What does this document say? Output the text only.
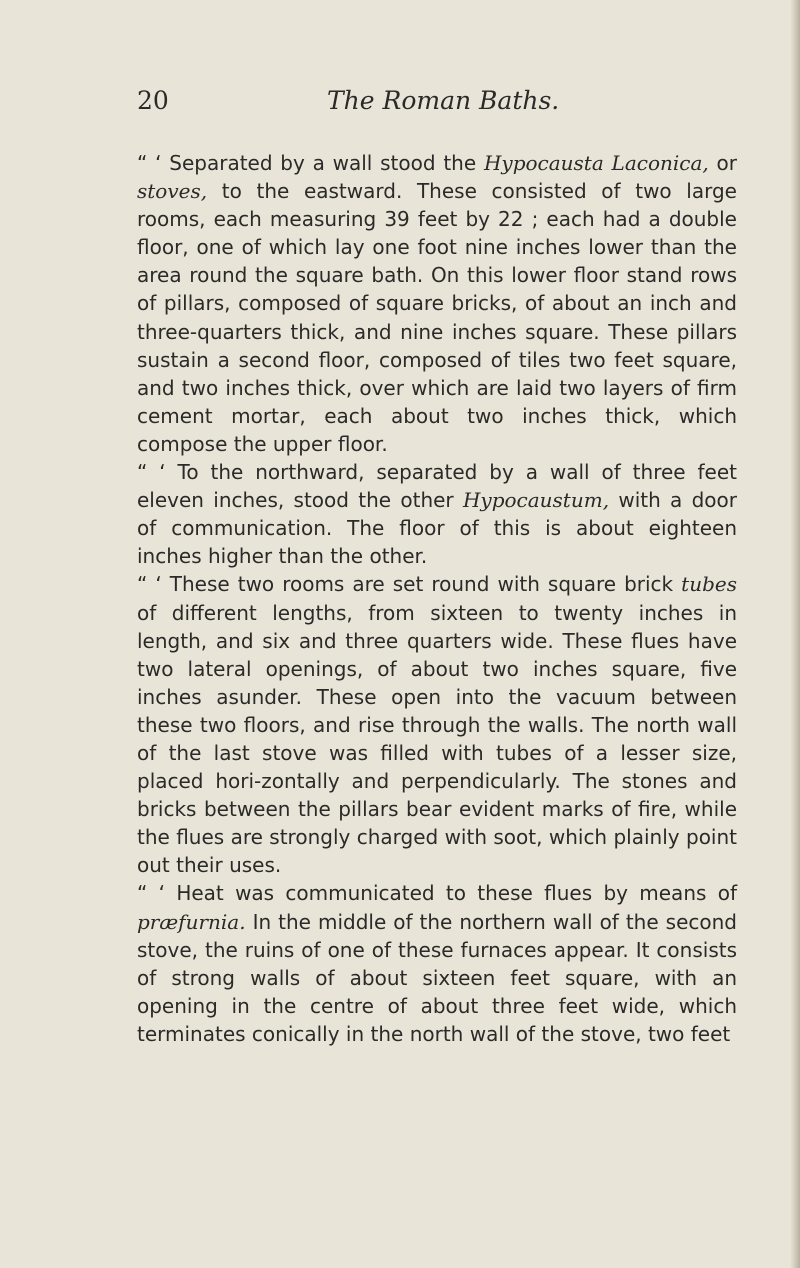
20	The Roman Baths.

“ ‘ Separated by a wall stood the Hypocausta Laconica, or stoves, to the eastward. These consisted of two large rooms, each measuring 39 feet by 22 ; each had a double floor, one of which lay one foot nine inches lower than the area round the square bath. On this lower floor stand rows of pillars, composed of square bricks, of about an inch and three-quarters thick, and nine inches square. These pillars sustain a second floor, composed of tiles two feet square, and two inches thick, over which are laid two layers of firm cement mortar, each about two inches thick, which compose the upper floor.

“ ‘ To the northward, separated by a wall of three feet eleven inches, stood the other Hypocaustum, with a door of communication. The floor of this is about eighteen inches higher than the other.

“ ‘ These two rooms are set round with square brick tubes of different lengths, from sixteen to twenty inches in length, and six and three quarters wide. These flues have two lateral openings, of about two inches square, five inches asunder. These open into the vacuum between these two floors, and rise through the walls. The north wall of the last stove was filled with tubes of a lesser size, placed hori-zontally and perpendicularly. The stones and bricks between the pillars bear evident marks of fire, while the flues are strongly charged with soot, which plainly point out their uses.

“ ‘ Heat was communicated to these flues by means of præfurnia. In the middle of the northern wall of the second stove, the ruins of one of these furnaces appear. It consists of strong walls of about sixteen feet square, with an opening in the centre of about three feet wide, which terminates conically in the north wall of the stove, two feet
